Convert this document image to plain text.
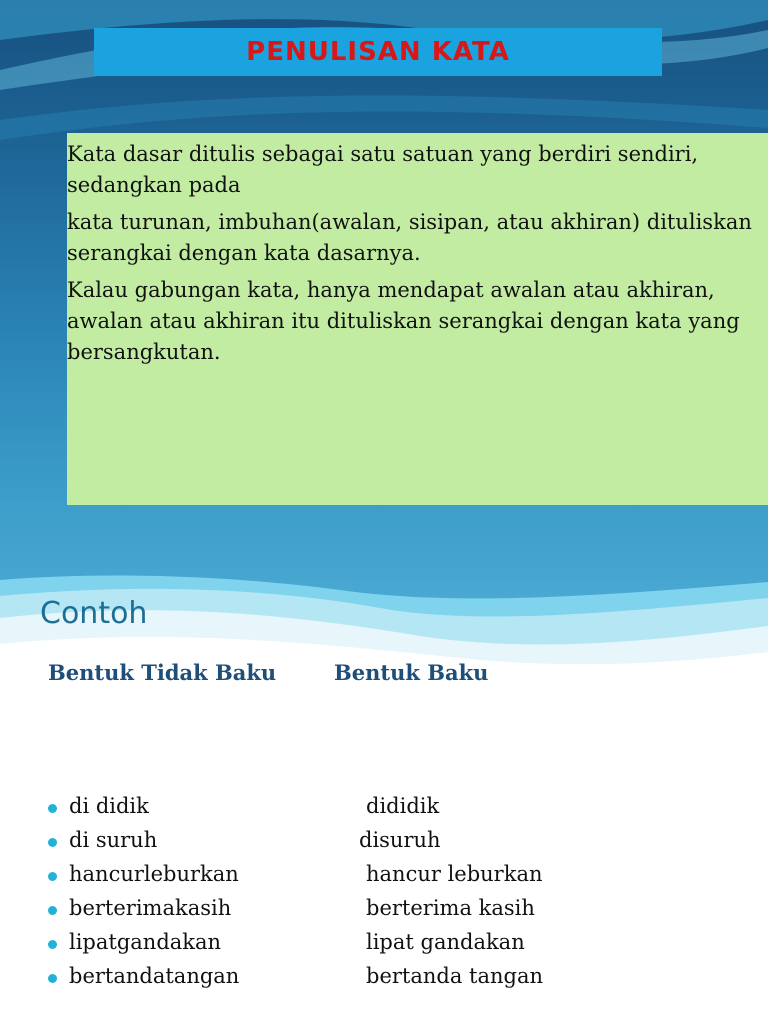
PENULISAN KATA

Kata dasar ditulis sebagai satu satuan yang berdiri sendiri, sedangkan pada

kata turunan, imbuhan(awalan, sisipan, atau akhiran) dituliskan serangkai dengan kata dasarnya.

Kalau gabungan kata, hanya mendapat awalan atau akhiran, awalan atau akhiran itu dituliskan serangkai dengan kata yang bersangkutan.

Contoh
Bentuk Tidak Baku	Bentuk Baku
di didik	dididik
di suruh	disuruh
hancurleburkan	hancur leburkan
berterimakasih	berterima kasih
lipatgandakan	lipat gandakan
bertandatangan	bertanda tangan
